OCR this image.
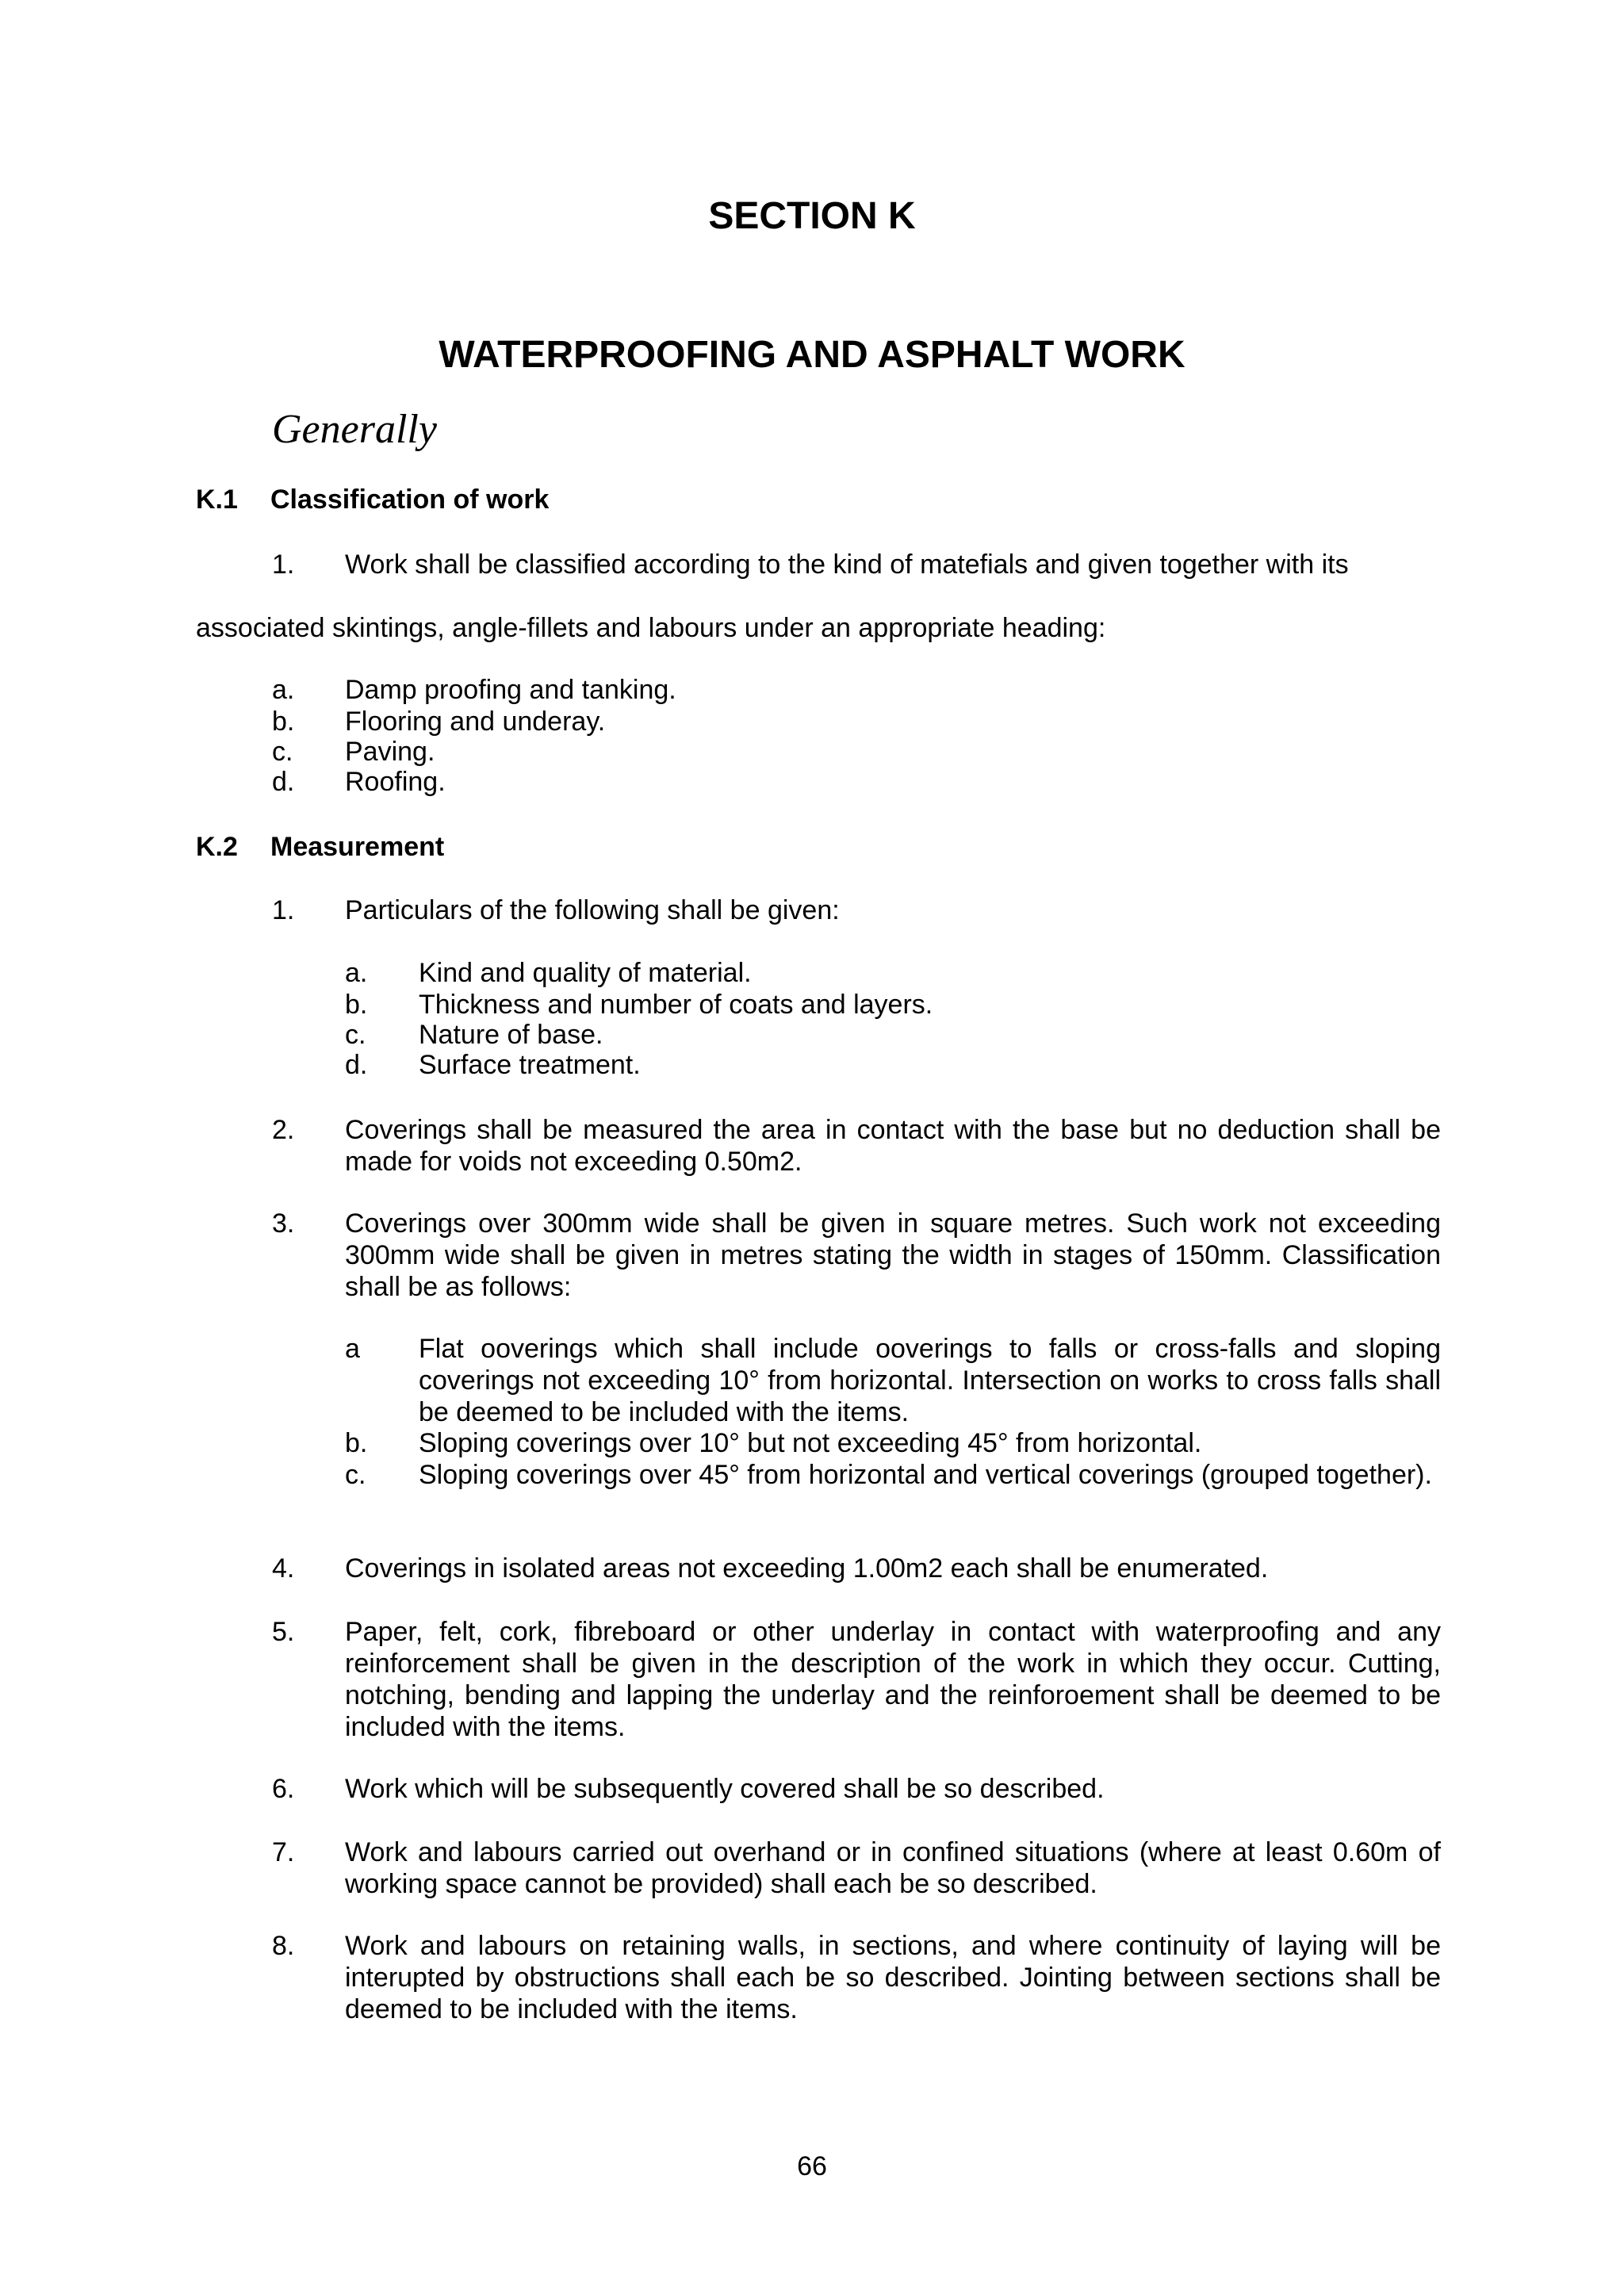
SECTION K
WATERPROOFING AND ASPHALT WORK
Generally
K.1 Classification of work
1. Work shall be classified according to the kind of matefials and given together with its
associated skintings, angle-fillets and labours under an appropriate heading:
a. Damp proofing and tanking.
b. Flooring and underay.
c. Paving.
d. Roofing.
K.2 Measurement
1. Particulars of the following shall be given:
a. Kind and quality of material.
b. Thickness and number of coats and layers.
c. Nature of base.
d. Surface treatment.
2. Coverings shall be measured the area in contact with the base but no deduction shall be made for voids not exceeding 0.50m2.
3. Coverings over 300mm wide shall be given in square metres. Such work not exceeding 300mm wide shall be given in metres stating the width in stages of 150mm. Classification shall be as follows:
a Flat ooverings which shall include ooverings to falls or cross-falls and sloping coverings not exceeding 10° from horizontal. Intersection on works to cross falls shall be deemed to be included with the items.
b. Sloping coverings over 10° but not exceeding 45° from horizontal.
c. Sloping coverings over 45° from horizontal and vertical coverings (grouped together).
4. Coverings in isolated areas not exceeding 1.00m2 each shall be enumerated.
5. Paper, felt, cork, fibreboard or other underlay in contact with waterproofing and any reinforcement shall be given in the description of the work in which they occur. Cutting, notching, bending and lapping the underlay and the reinforoement shall be deemed to be included with the items.
6. Work which will be subsequently covered shall be so described.
7. Work and labours carried out overhand or in confined situations (where at least 0.60m of working space cannot be provided) shall each be so described.
8. Work and labours on retaining walls, in sections, and where continuity of laying will be interupted by obstructions shall each be so described. Jointing between sections shall be deemed to be included with the items.
66
